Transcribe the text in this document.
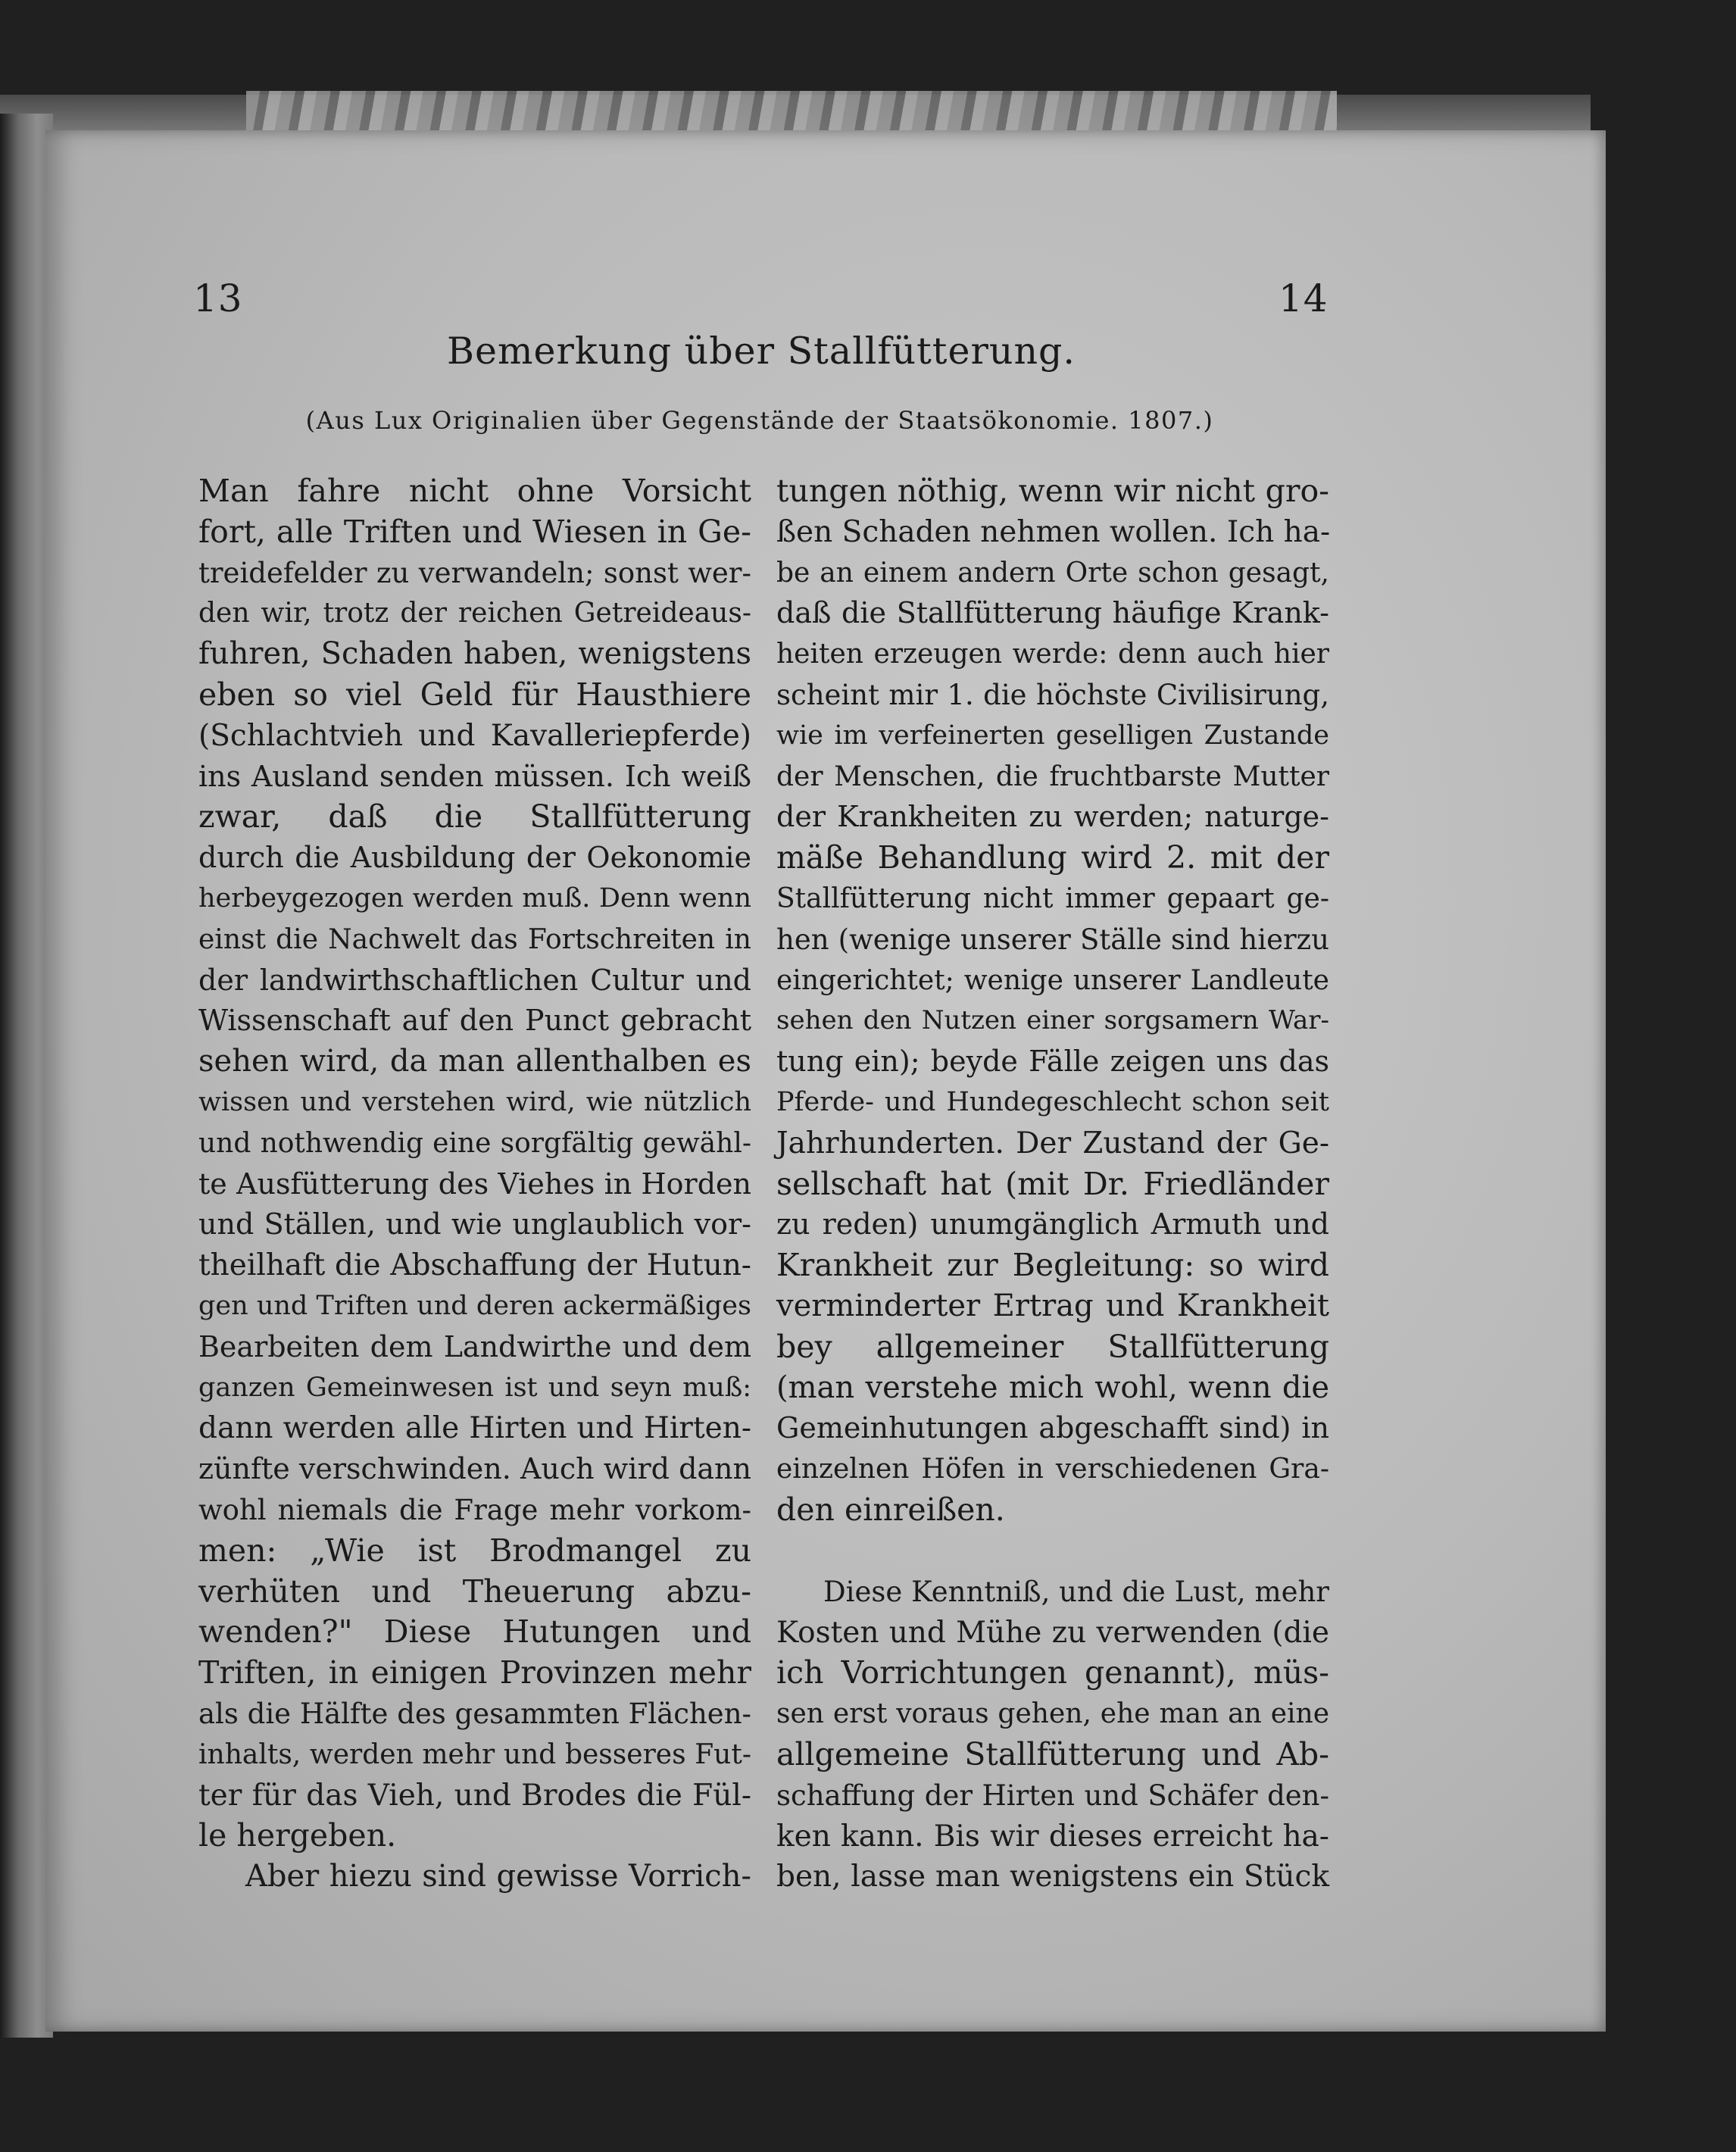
13	14
Bemerkung über Stallfütterung.
(Aus Lux Originalien über Gegenstände der Staatsökonomie. 1807.)
Man fahre nicht ohne Vorsicht
fort, alle Triften und Wiesen in Ge-
treidefelder zu verwandeln; sonst wer-
den wir, trotz der reichen Getreideaus-
fuhren, Schaden haben, wenigstens
eben so viel Geld für Hausthiere
(Schlachtvieh und Kavalleriepferde)
ins Ausland senden müssen. Ich weiß
zwar, daß die Stallfütterung
durch die Ausbildung der Oekonomie
herbeygezogen werden muß. Denn wenn
einst die Nachwelt das Fortschreiten in
der landwirthschaftlichen Cultur und
Wissenschaft auf den Punct gebracht
sehen wird, da man allenthalben es
wissen und verstehen wird, wie nützlich
und nothwendig eine sorgfältig gewähl-
te Ausfütterung des Viehes in Horden
und Ställen, und wie unglaublich vor-
theilhaft die Abschaffung der Hutun-
gen und Triften und deren ackermäßiges
Bearbeiten dem Landwirthe und dem
ganzen Gemeinwesen ist und seyn muß:
dann werden alle Hirten und Hirten-
zünfte verschwinden. Auch wird dann
wohl niemals die Frage mehr vorkom-
men: „Wie ist Brodmangel zu
verhüten und Theuerung abzu-
wenden?" Diese Hutungen und
Triften, in einigen Provinzen mehr
als die Hälfte des gesammten Flächen-
inhalts, werden mehr und besseres Fut-
ter für das Vieh, und Brodes die Fül-
le hergeben.
Aber hiezu sind gewisse Vorrich-
tungen nöthig, wenn wir nicht gro-
ßen Schaden nehmen wollen. Ich ha-
be an einem andern Orte schon gesagt,
daß die Stallfütterung häufige Krank-
heiten erzeugen werde: denn auch hier
scheint mir 1. die höchste Civilisirung,
wie im verfeinerten geselligen Zustande
der Menschen, die fruchtbarste Mutter
der Krankheiten zu werden; naturge-
mäße Behandlung wird 2. mit der
Stallfütterung nicht immer gepaart ge-
hen (wenige unserer Ställe sind hierzu
eingerichtet; wenige unserer Landleute
sehen den Nutzen einer sorgsamern War-
tung ein); beyde Fälle zeigen uns das
Pferde- und Hundegeschlecht schon seit
Jahrhunderten. Der Zustand der Ge-
sellschaft hat (mit Dr. Friedländer
zu reden) unumgänglich Armuth und
Krankheit zur Begleitung: so wird
verminderter Ertrag und Krankheit
bey allgemeiner Stallfütterung
(man verstehe mich wohl, wenn die
Gemeinhutungen abgeschafft sind) in
einzelnen Höfen in verschiedenen Gra-
den einreißen.
Diese Kenntniß, und die Lust, mehr
Kosten und Mühe zu verwenden (die
ich Vorrichtungen genannt), müs-
sen erst voraus gehen, ehe man an eine
allgemeine Stallfütterung und Ab-
schaffung der Hirten und Schäfer den-
ken kann. Bis wir dieses erreicht ha-
ben, lasse man wenigstens ein Stück
